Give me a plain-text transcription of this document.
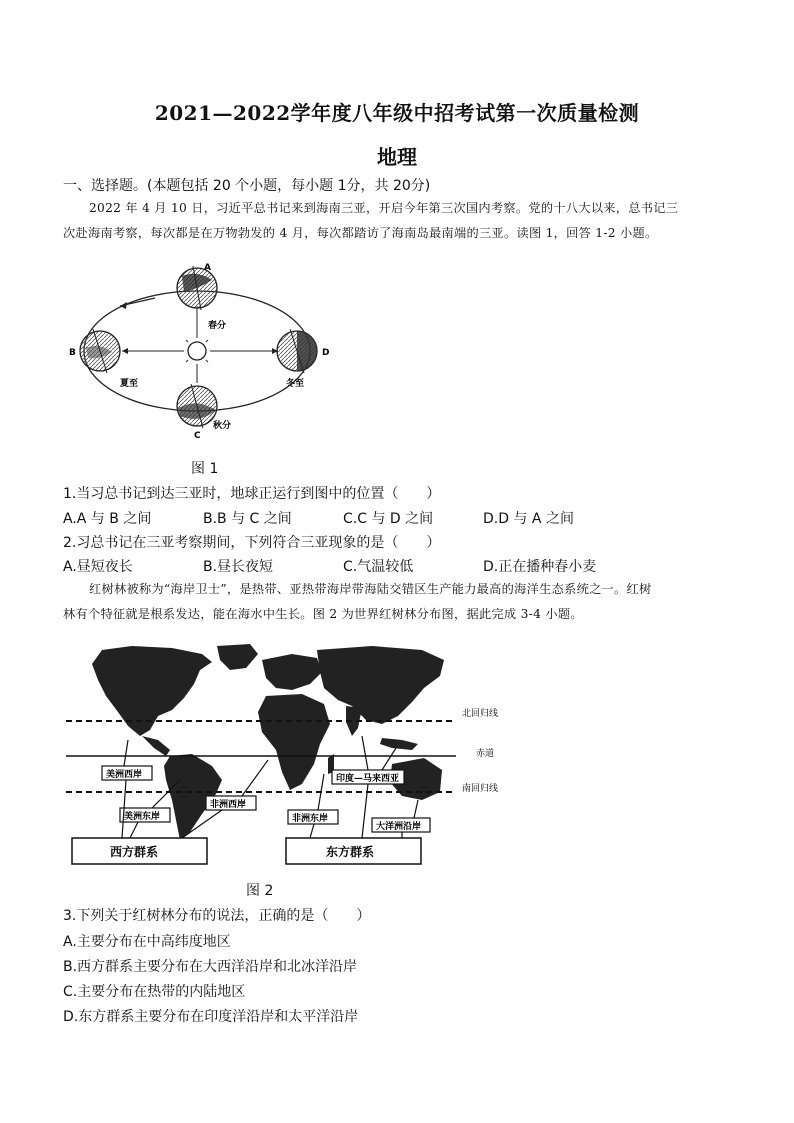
2021—2022学年度八年级中招考试第一次质量检测
地理
一、选择题。(本题包括 20 个小题，每小题 1分，共 20分)
2022 年 4 月 10 日，习近平总书记来到海南三亚，开启今年第三次国内考察。党的十八大以来，总书记三
次赴海南考察，每次都是在万物勃发的 4 月，每次都踏访了海南岛最南端的三亚。读图 1，回答 1-2 小题。
A
春分
B
夏至
D
冬至
C
秋分
图 1
1.当习总书记到达三亚时，地球正运行到图中的位置（　　）
A.A 与 B 之间	B.B 与 C 之间	C.C 与 D 之间	D.D 与 A 之间
2.习总书记在三亚考察期间，下列符合三亚现象的是（　　）
A.昼短夜长	B.昼长夜短	C.气温较低	D.正在播种春小麦
红树林被称为“海岸卫士”，是热带、亚热带海岸带海陆交错区生产能力最高的海洋生态系统之一。红树
林有个特征就是根系发达，能在海水中生长。图 2 为世界红树林分布图，据此完成 3-4 小题。
北回归线
赤道
南回归线
美洲西岸
美洲东岸
非洲西岸
非洲东岸
印度—马来西亚
大洋洲沿岸
西方群系	东方群系
图 2
3.下列关于红树林分布的说法，正确的是（　　）
A.主要分布在中高纬度地区
B.西方群系主要分布在大西洋沿岸和北冰洋沿岸
C.主要分布在热带的内陆地区
D.东方群系主要分布在印度洋沿岸和太平洋沿岸
